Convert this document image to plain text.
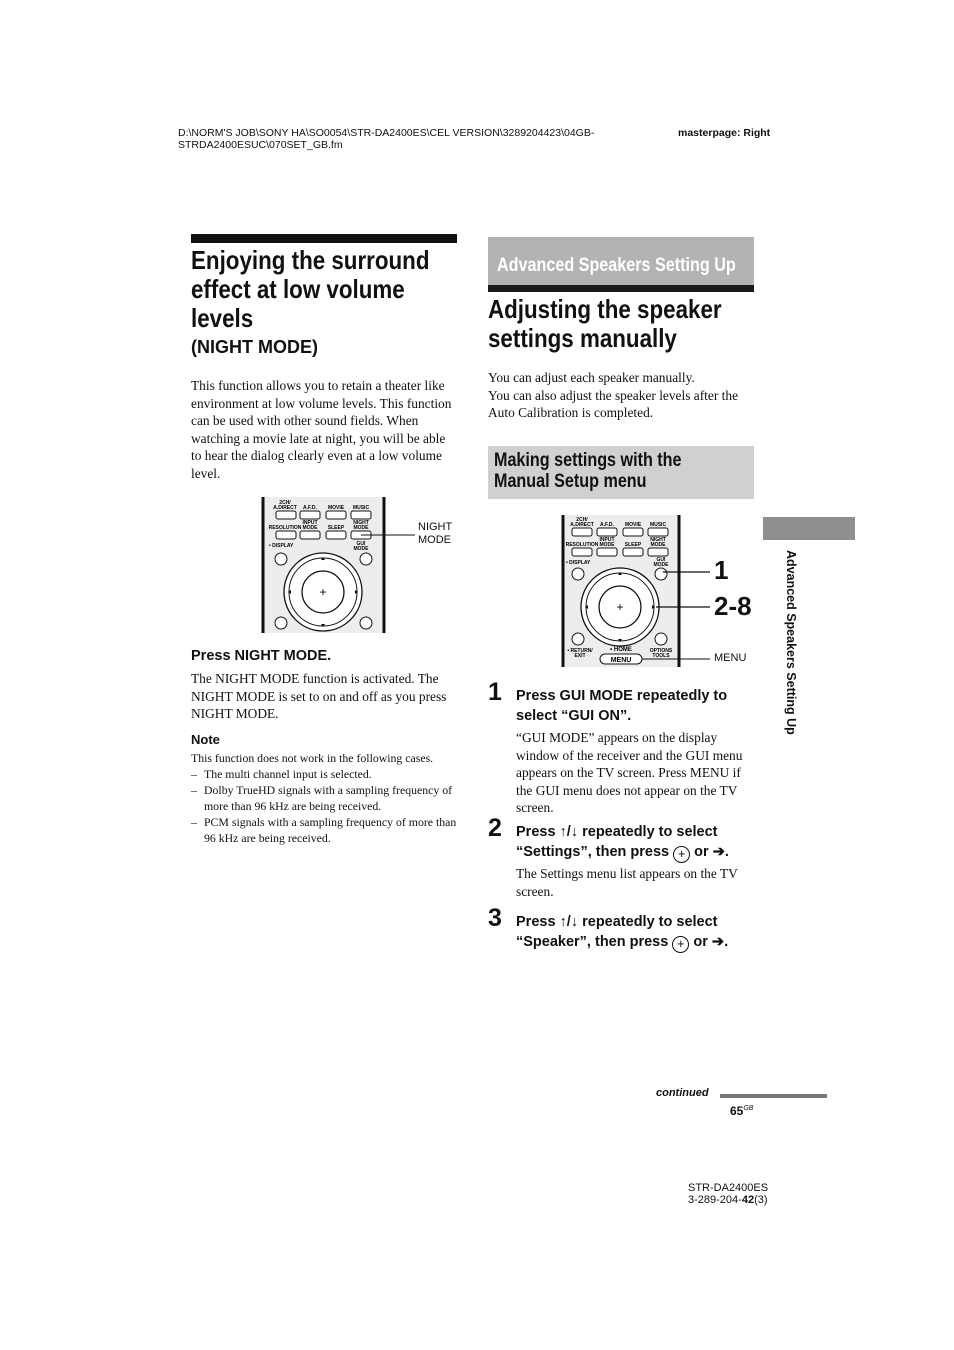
D:\NORM'S JOB\SONY HA\SO0054\STR-DA2400ES\CEL VERSION\3289204423\04GB-
STRDA2400ESUC\070SET_GB.fm
masterpage: Right
Enjoying the surround
effect at low volume
levels
(NIGHT MODE)
This function allows you to retain a theater like environment at low volume levels. This function can be used with other sound fields. When watching a movie late at night, you will be able to hear the dialog clearly even at a low volume level.
2CH/
A.DIRECT A.F.D. MOVIE MUSIC
INPUT	NIGHT
RESOLUTION MODE SLEEP MODE
• DISPLAY	GUI
MODE
+
NIGHT
MODE
Press NIGHT MODE.
The NIGHT MODE function is activated. The NIGHT MODE is set to on and off as you press NIGHT MODE.
Note
This function does not work in the following cases.
– The multi channel input is selected.
– Dolby TrueHD signals with a sampling frequency of more than 96 kHz are being received.
– PCM signals with a sampling frequency of more than 96 kHz are being received.
Advanced Speakers Setting Up
Adjusting the speaker
settings manually
You can adjust each speaker manually.
You can also adjust the speaker levels after the Auto Calibration is completed.
Making settings with the
Manual Setup menu
2CH/
A.DIRECT A.F.D. MOVIE MUSIC
INPUT	NIGHT
RESOLUTION MODE SLEEP MODE
• DISPLAY	GUI
MODE
+
• RETURN/
EXIT
• HOME	OPTIONS
TOOLS
MENU
1
2-8
MENU
1 Press GUI MODE repeatedly to select “GUI ON”.
“GUI MODE” appears on the display window of the receiver and the GUI menu appears on the TV screen. Press MENU if the GUI menu does not appear on the TV screen.
2 Press ↑/↓ repeatedly to select “Settings”, then press + or ➔.
The Settings menu list appears on the TV screen.
3 Press ↑/↓ repeatedly to select “Speaker”, then press + or ➔.
Advanced Speakers Setting Up
continued
$65^{GB}$
STR-DA2400ES
3-289-204-42(3)
